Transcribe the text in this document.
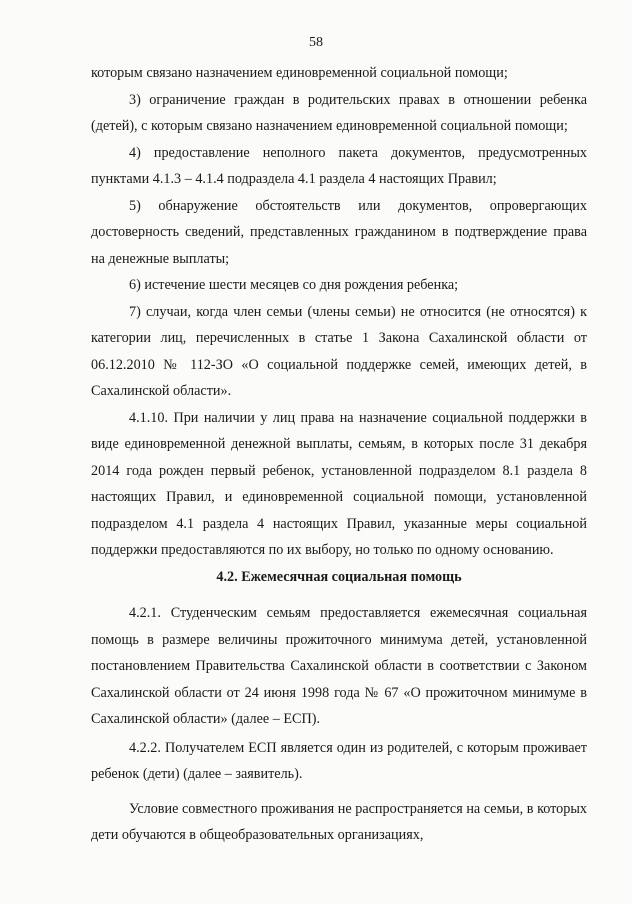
58

которым связано назначением единовременной социальной помощи;

3) ограничение граждан в родительских правах в отношении ребенка (детей), с которым связано назначением единовременной социальной помощи;

4) предоставление неполного пакета документов, предусмотренных пунктами 4.1.3 – 4.1.4 подраздела 4.1 раздела 4 настоящих Правил;

5) обнаружение обстоятельств или документов, опровергающих достоверность сведений, представленных гражданином в подтверждение права на денежные выплаты;

6) истечение шести месяцев со дня рождения ребенка;

7) случаи, когда член семьи (члены семьи) не относится (не относятся) к категории лиц, перечисленных в статье 1 Закона Сахалинской области от 06.12.2010 № 112-ЗО «О социальной поддержке семей, имеющих детей, в Сахалинской области».

4.1.10. При наличии у лиц права на назначение социальной поддержки в виде единовременной денежной выплаты, семьям, в которых после 31 декабря 2014 года рожден первый ребенок, установленной подразделом 8.1 раздела 8 настоящих Правил, и единовременной социальной помощи, установленной подразделом 4.1 раздела 4 настоящих Правил, указанные меры социальной поддержки предоставляются по их выбору, но только по одному основанию.

4.2. Ежемесячная социальная помощь

4.2.1. Студенческим семьям предоставляется ежемесячная социальная помощь в размере величины прожиточного минимума детей, установленной постановлением Правительства Сахалинской области в соответствии с Законом Сахалинской области от 24 июня 1998 года № 67 «О прожиточном минимуме в Сахалинской области» (далее – ЕСП).

4.2.2. Получателем ЕСП является один из родителей, с которым проживает ребенок (дети) (далее – заявитель).

Условие совместного проживания не распространяется на семьи, в которых дети обучаются в общеобразовательных организациях,
